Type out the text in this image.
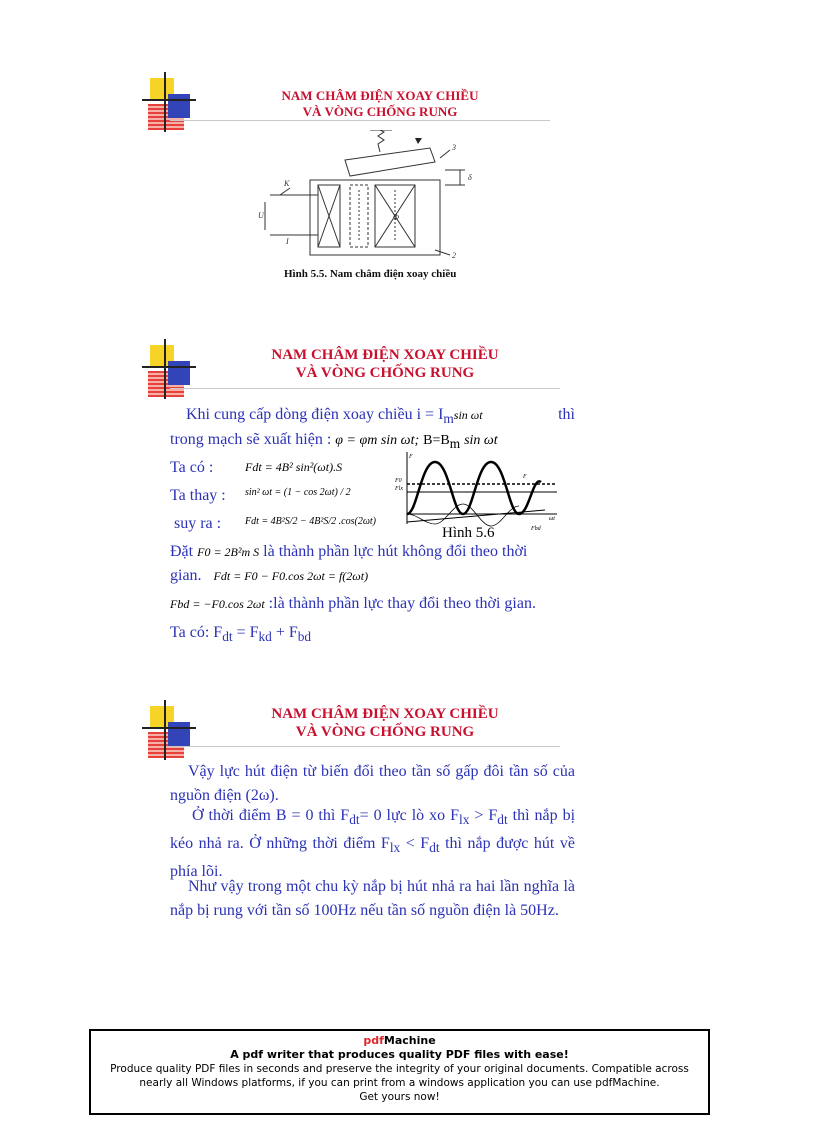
NAM CHÂM ĐIỆN XOAY CHIỀU
VÀ VÒNG CHỐNG RUNG
K
U
I
3
δ
2
Φ
Hình 5.5. Nam châm điện xoay chiều
NAM CHÂM ĐIỆN XOAY CHIỀU
VÀ VÒNG CHỐNG RUNG
Khi cung cấp dòng điện xoay chiều $i = I_m\sin$ ωt	thì
trong mạch sẽ xuất hiện : φ = φm sin ωt; $B=B_m$ sin ωt
Ta có :	Fdt = 4B² sin²(ωt).S
Ta thay : sin² ωt = (1 − cos 2ωt) / 2
suy ra : Fdt = 4B²S/2 − 4B²S/2 .cos(2ωt)
F
F0
Flx
F
ωt
Fbd
Hình 5.6
Đặt F0 = 2B²m S là thành phần lực hút không đổi theo thời
gian. Fdt = F0 − F0.cos 2ωt = f(2ωt)
Fbd = −F0.cos 2ωt :là thành phần lực thay đổi theo thời gian.
Ta có: $F_{dt} = F_{kd} + F_{bd}$
NAM CHÂM ĐIỆN XOAY CHIỀU
VÀ VÒNG CHỐNG RUNG
Vậy lực hút điện từ biến đổi theo tần số gấp đôi tần số của nguồn điện (2ω).
Ở thời điểm B = 0 thì $F_{dt}= 0$ lực lò xo $F_{lx} > F_{dt}$ thì nắp bị kéo nhả ra. Ở những thời điểm $F_{lx} < F_{dt}$ thì nắp được hút về phía lõi.
Như vậy trong một chu kỳ nắp bị hút nhả ra hai lần nghĩa là nắp bị rung với tần số 100Hz nếu tần số nguồn điện là 50Hz.
pdfMachine
A pdf writer that produces quality PDF files with ease!
Produce quality PDF files in seconds and preserve the integrity of your original documents. Compatible across
nearly all Windows platforms, if you can print from a windows application you can use pdfMachine.
Get yours now!
